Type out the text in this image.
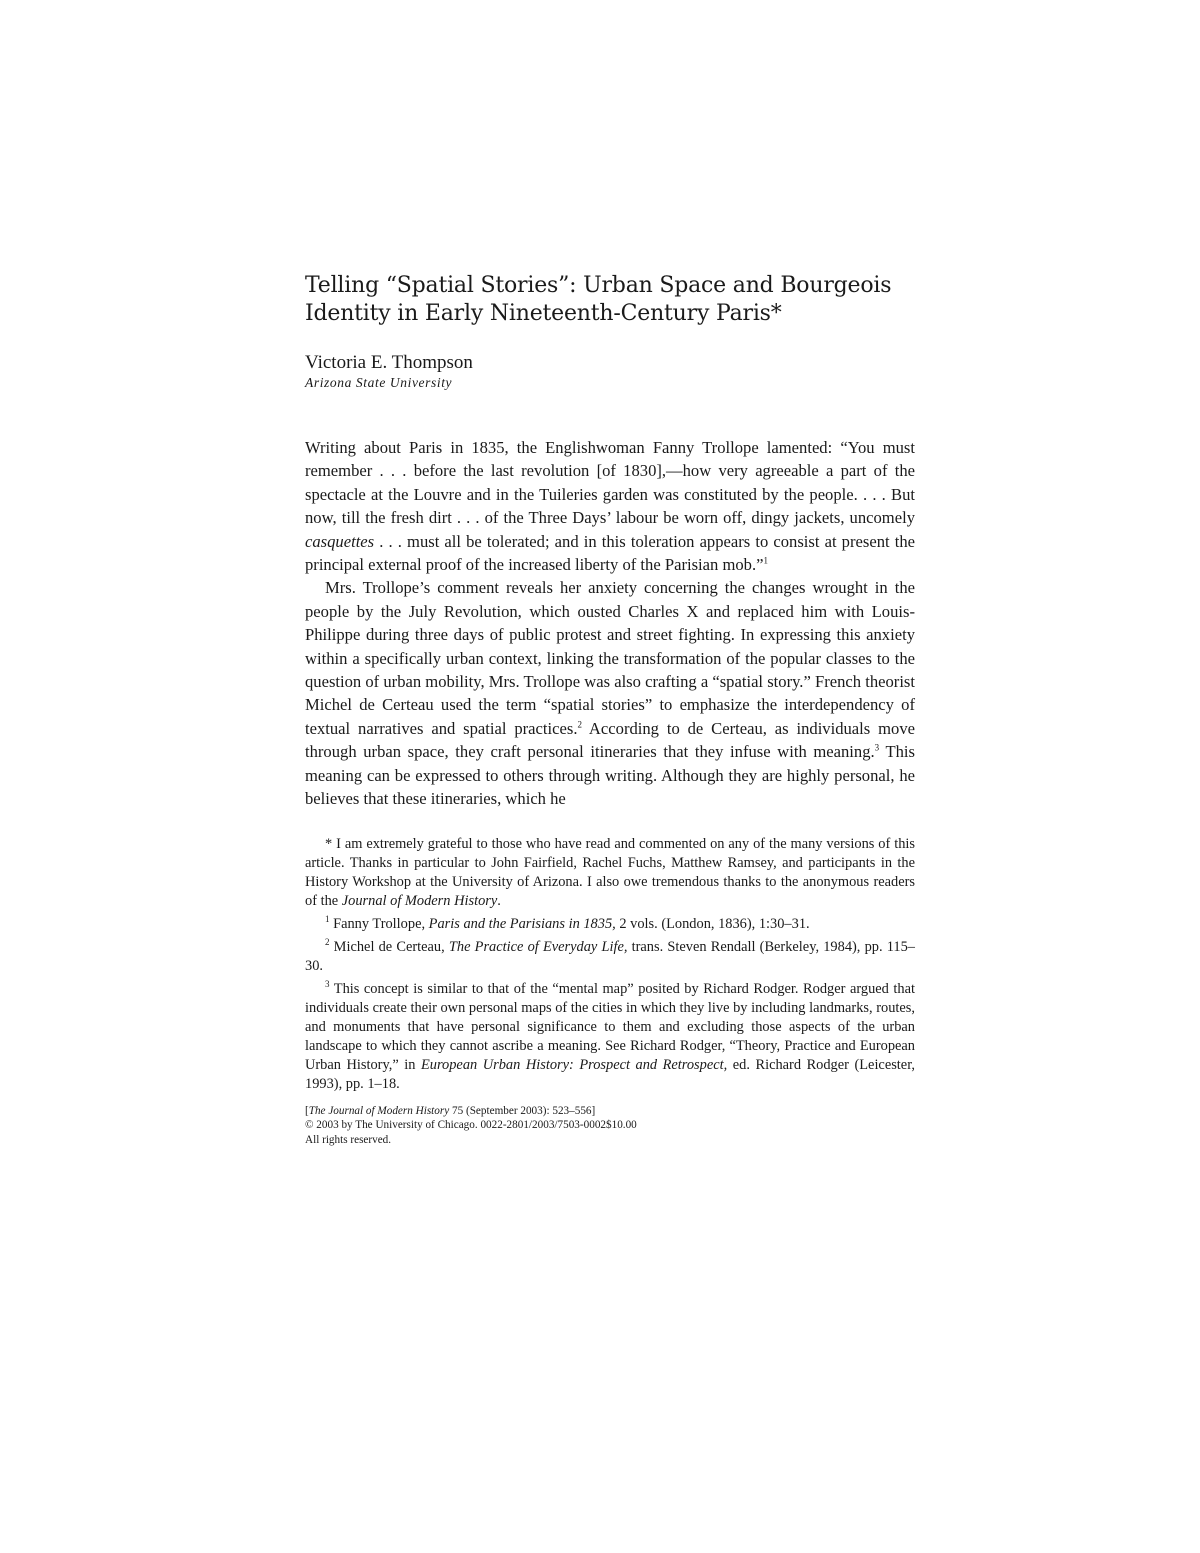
Telling “Spatial Stories”: Urban Space and Bourgeois
Identity in Early Nineteenth-Century Paris*
Victoria E. Thompson
Arizona State University

Writing about Paris in 1835, the Englishwoman Fanny Trollope lamented: “You must remember . . . before the last revolution [of 1830],—how very agreeable a part of the spectacle at the Louvre and in the Tuileries garden was constituted by the people. . . . But now, till the fresh dirt . . . of the Three Days’ labour be worn off, dingy jackets, uncomely casquettes . . . must all be tolerated; and in this toleration appears to consist at present the principal external proof of the increased liberty of the Parisian mob.”$^1$

Mrs. Trollope’s comment reveals her anxiety concerning the changes wrought in the people by the July Revolution, which ousted Charles X and replaced him with Louis-Philippe during three days of public protest and street fighting. In expressing this anxiety within a specifically urban context, linking the transformation of the popular classes to the question of urban mobility, Mrs. Trollope was also crafting a “spatial story.” French theorist Michel de Certeau used the term “spatial stories” to emphasize the interdependency of textual narratives and spatial practices.$^2$ According to de Certeau, as individuals move through urban space, they craft personal itineraries that they infuse with meaning.$^3$ This meaning can be expressed to others through writing. Although they are highly personal, he believes that these itineraries, which he

* I am extremely grateful to those who have read and commented on any of the many versions of this article. Thanks in particular to John Fairfield, Rachel Fuchs, Matthew Ramsey, and participants in the History Workshop at the University of Arizona. I also owe tremendous thanks to the anonymous readers of the Journal of Modern History.

$^1$ Fanny Trollope, Paris and the Parisians in 1835, 2 vols. (London, 1836), 1:30–31.

$^2$ Michel de Certeau, The Practice of Everyday Life, trans. Steven Rendall (Berkeley, 1984), pp. 115–30.

$^3$ This concept is similar to that of the “mental map” posited by Richard Rodger. Rodger argued that individuals create their own personal maps of the cities in which they live by including landmarks, routes, and monuments that have personal significance to them and excluding those aspects of the urban landscape to which they cannot ascribe a meaning. See Richard Rodger, “Theory, Practice and European Urban History,” in European Urban History: Prospect and Retrospect, ed. Richard Rodger (Leicester, 1993), pp. 1–18.

[The Journal of Modern History 75 (September 2003): 523–556]
© 2003 by The University of Chicago. 0022-2801/2003/7503-0002$10.00
All rights reserved.
